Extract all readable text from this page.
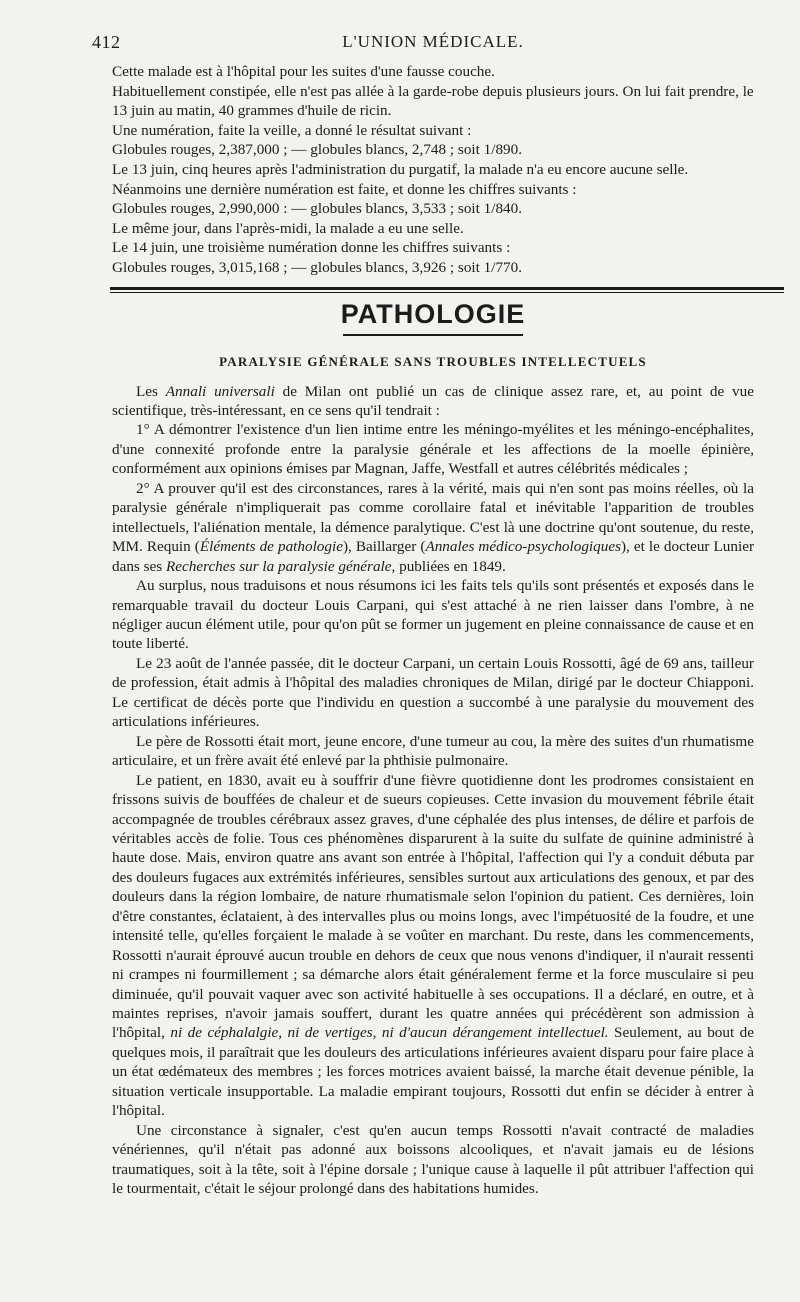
412	L'UNION MÉDICALE.

Cette malade est à l'hôpital pour les suites d'une fausse couche.

Habituellement constipée, elle n'est pas allée à la garde-robe depuis plusieurs jours. On lui fait prendre, le 13 juin au matin, 40 grammes d'huile de ricin.

Une numération, faite la veille, a donné le résultat suivant :

Globules rouges, 2,387,000 ; — globules blancs, 2,748 ; soit 1/890.

Le 13 juin, cinq heures après l'administration du purgatif, la malade n'a eu encore aucune selle. Néanmoins une dernière numération est faite, et donne les chiffres suivants :

Globules rouges, 2,990,000 : — globules blancs, 3,533 ; soit 1/840.

Le même jour, dans l'après-midi, la malade a eu une selle.

Le 14 juin, une troisième numération donne les chiffres suivants :

Globules rouges, 3,015,168 ; — globules blancs, 3,926 ; soit 1/770.

PATHOLOGIE
PARALYSIE GÉNÉRALE SANS TROUBLES INTELLECTUELS

Les Annali universali de Milan ont publié un cas de clinique assez rare, et, au point de vue scientifique, très-intéressant, en ce sens qu'il tendrait :

1° A démontrer l'existence d'un lien intime entre les méningo-myélites et les méningo-encéphalites, d'une connexité profonde entre la paralysie générale et les affections de la moelle épinière, conformément aux opinions émises par Magnan, Jaffe, Westfall et autres célébrités médicales ;

2° A prouver qu'il est des circonstances, rares à la vérité, mais qui n'en sont pas moins réelles, où la paralysie générale n'impliquerait pas comme corollaire fatal et inévitable l'apparition de troubles intellectuels, l'aliénation mentale, la démence paralytique. C'est là une doctrine qu'ont soutenue, du reste, MM. Requin (Éléments de pathologie), Baillarger (Annales médico-psychologiques), et le docteur Lunier dans ses Recherches sur la paralysie générale, publiées en 1849.

Au surplus, nous traduisons et nous résumons ici les faits tels qu'ils sont présentés et exposés dans le remarquable travail du docteur Louis Carpani, qui s'est attaché à ne rien laisser dans l'ombre, à ne négliger aucun élément utile, pour qu'on pût se former un jugement en pleine connaissance de cause et en toute liberté.

Le 23 août de l'année passée, dit le docteur Carpani, un certain Louis Rossotti, âgé de 69 ans, tailleur de profession, était admis à l'hôpital des maladies chroniques de Milan, dirigé par le docteur Chiapponi. Le certificat de décès porte que l'individu en question a succombé à une paralysie du mouvement des articulations inférieures.

Le père de Rossotti était mort, jeune encore, d'une tumeur au cou, la mère des suites d'un rhumatisme articulaire, et un frère avait été enlevé par la phthisie pulmonaire.

Le patient, en 1830, avait eu à souffrir d'une fièvre quotidienne dont les prodromes consistaient en frissons suivis de bouffées de chaleur et de sueurs copieuses. Cette invasion du mouvement fébrile était accompagnée de troubles cérébraux assez graves, d'une céphalée des plus intenses, de délire et parfois de véritables accès de folie. Tous ces phénomènes disparurent à la suite du sulfate de quinine administré à haute dose. Mais, environ quatre ans avant son entrée à l'hôpital, l'affection qui l'y a conduit débuta par des douleurs fugaces aux extrémités inférieures, sensibles surtout aux articulations des genoux, et par des douleurs dans la région lombaire, de nature rhumatismale selon l'opinion du patient. Ces dernières, loin d'être constantes, éclataient, à des intervalles plus ou moins longs, avec l'impétuosité de la foudre, et une intensité telle, qu'elles forçaient le malade à se voûter en marchant. Du reste, dans les commencements, Rossotti n'aurait éprouvé aucun trouble en dehors de ceux que nous venons d'indiquer, il n'aurait ressenti ni crampes ni fourmillement ; sa démarche alors était généralement ferme et la force musculaire si peu diminuée, qu'il pouvait vaquer avec son activité habituelle à ses occupations. Il a déclaré, en outre, et à maintes reprises, n'avoir jamais souffert, durant les quatre années qui précédèrent son admission à l'hôpital, ni de céphalalgie, ni de vertiges, ni d'aucun dérangement intellectuel. Seulement, au bout de quelques mois, il paraîtrait que les douleurs des articulations inférieures avaient disparu pour faire place à un état œdémateux des membres ; les forces motrices avaient baissé, la marche était devenue pénible, la situation verticale insupportable. La maladie empirant toujours, Rossotti dut enfin se décider à entrer à l'hôpital.

Une circonstance à signaler, c'est qu'en aucun temps Rossotti n'avait contracté de maladies vénériennes, qu'il n'était pas adonné aux boissons alcooliques, et n'avait jamais eu de lésions traumatiques, soit à la tête, soit à l'épine dorsale ; l'unique cause à laquelle il pût attribuer l'affection qui le tourmentait, c'était le séjour prolongé dans des habitations humides.
